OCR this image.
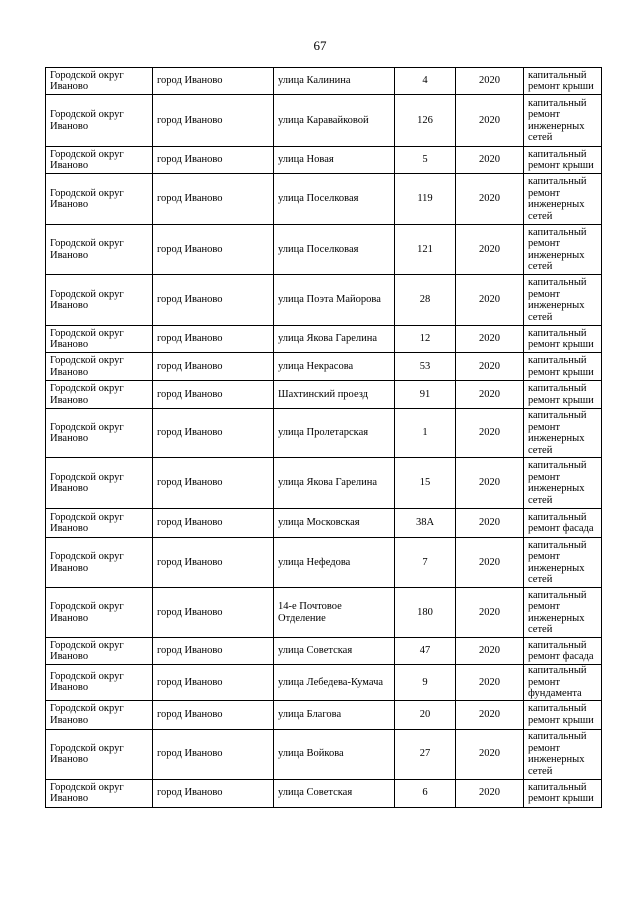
67
Городской округ Иваново	город Иваново	улица Калинина	4	2020	капитальный ремонт крыши
Городской округ Иваново	город Иваново	улица Каравайковой	126	2020	капитальный ремонт инженерных сетей
Городской округ Иваново	город Иваново	улица Новая	5	2020	капитальный ремонт крыши
Городской округ Иваново	город Иваново	улица Поселковая	119	2020	капитальный ремонт инженерных сетей
Городской округ Иваново	город Иваново	улица Поселковая	121	2020	капитальный ремонт инженерных сетей
Городской округ Иваново	город Иваново	улица Поэта Майорова	28	2020	капитальный ремонт инженерных сетей
Городской округ Иваново	город Иваново	улица Якова Гарелина	12	2020	капитальный ремонт крыши
Городской округ Иваново	город Иваново	улица Некрасова	53	2020	капитальный ремонт крыши
Городской округ Иваново	город Иваново	Шахтинский проезд	91	2020	капитальный ремонт крыши
Городской округ Иваново	город Иваново	улица Пролетарская	1	2020	капитальный ремонт инженерных сетей
Городской округ Иваново	город Иваново	улица Якова Гарелина	15	2020	капитальный ремонт инженерных сетей
Городской округ Иваново	город Иваново	улица Московская	38А	2020	капитальный ремонт фасада
Городской округ Иваново	город Иваново	улица Нефедова	7	2020	капитальный ремонт инженерных сетей
Городской округ Иваново	город Иваново	14-е Почтовое Отделение	180	2020	капитальный ремонт инженерных сетей
Городской округ Иваново	город Иваново	улица Советская	47	2020	капитальный ремонт фасада
Городской округ Иваново	город Иваново	улица Лебедева-Кумача	9	2020	капитальный ремонт фундамента
Городской округ Иваново	город Иваново	улица Благова	20	2020	капитальный ремонт крыши
Городской округ Иваново	город Иваново	улица Войкова	27	2020	капитальный ремонт инженерных сетей
Городской округ Иваново	город Иваново	улица Советская	6	2020	капитальный ремонт крыши
